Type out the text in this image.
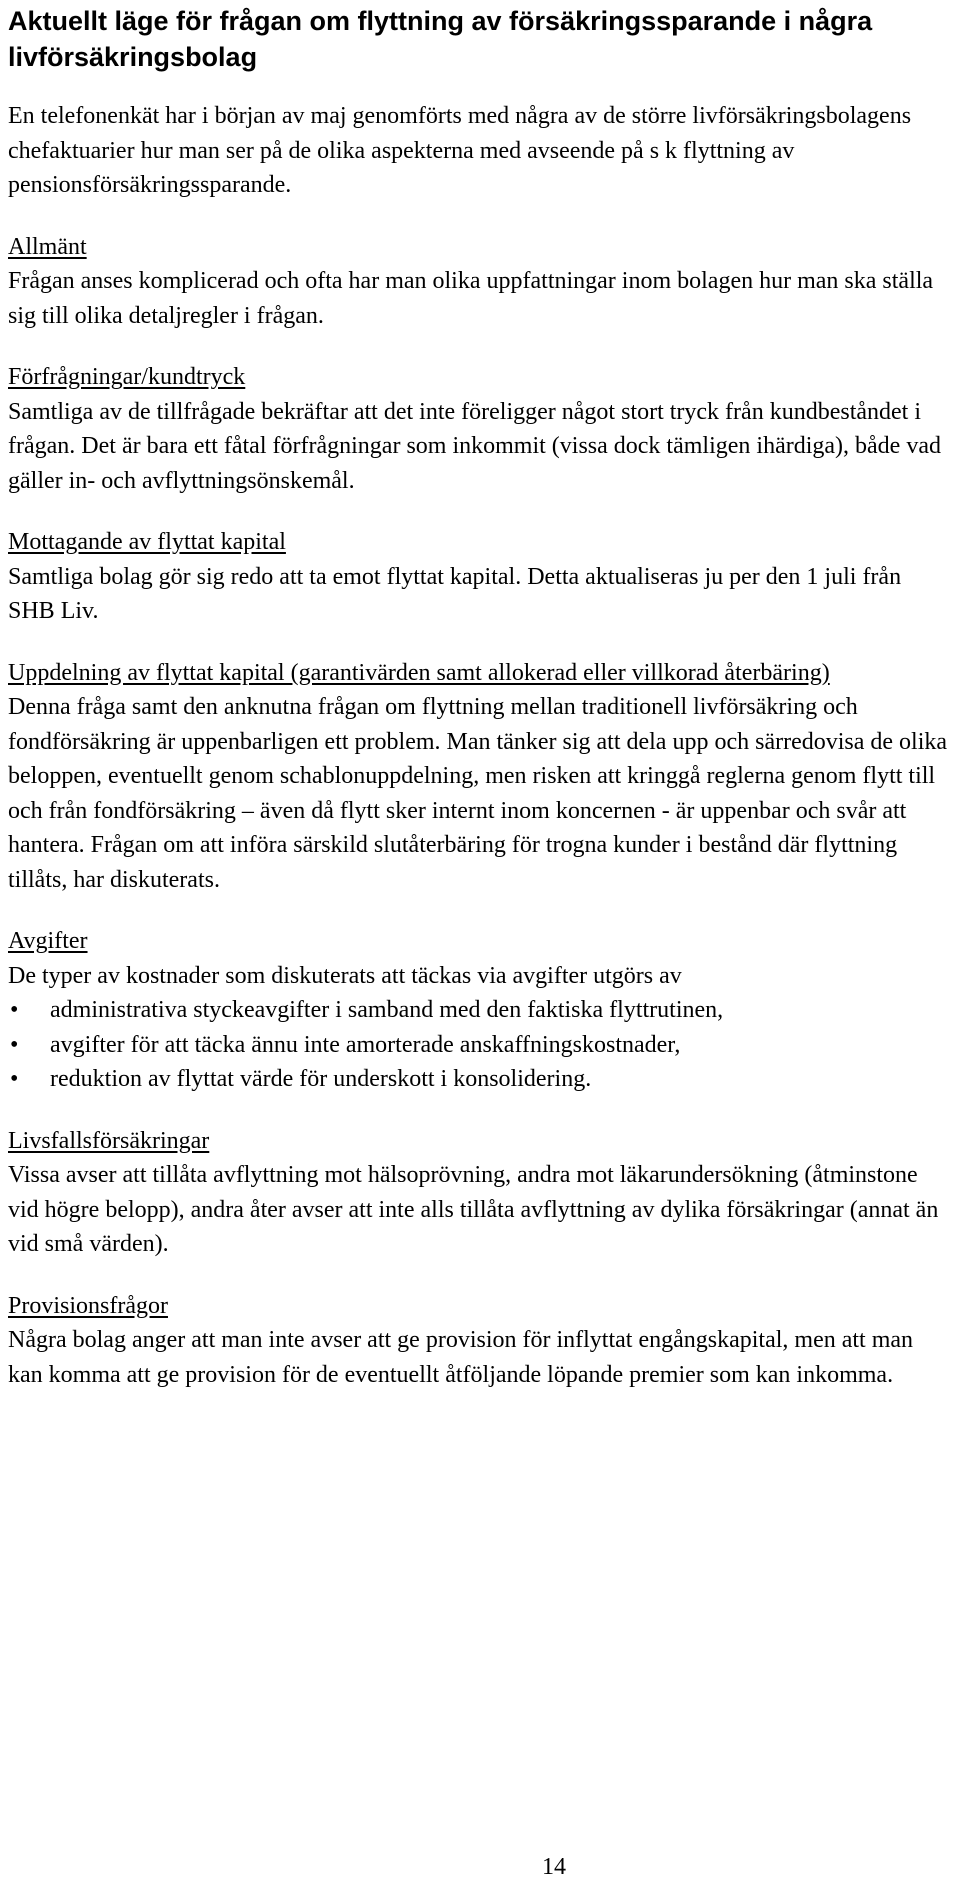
Aktuellt läge för frågan om flyttning av försäkringssparande i några livförsäkringsbolag

En telefonenkät har i början av maj genomförts med några av de större livförsäkringsbolagens chefaktuarier hur man ser på de olika aspekterna med avseende på s k flyttning av pensionsförsäkringssparande.

Allmänt

Frågan anses komplicerad och ofta har man olika uppfattningar inom bolagen hur man ska ställa sig till olika detaljregler i frågan.

Förfrågningar/kundtryck

Samtliga av de tillfrågade bekräftar att det inte föreligger något stort tryck från kundbeståndet i frågan. Det är bara ett fåtal förfrågningar som inkommit (vissa dock tämligen ihärdiga), både vad gäller in- och avflyttningsönskemål.

Mottagande av flyttat kapital

Samtliga bolag gör sig redo att ta emot flyttat kapital. Detta aktualiseras ju per den 1 juli från SHB Liv.

Uppdelning av flyttat kapital (garantivärden samt allokerad eller villkorad återbäring)

Denna fråga samt den anknutna frågan om flyttning mellan traditionell livförsäkring och fondförsäkring är uppenbarligen ett problem. Man tänker sig att dela upp och särredovisa de olika beloppen, eventuellt genom schablonuppdelning, men risken att kringgå reglerna genom flytt till och från fondförsäkring – även då flytt sker internt inom koncernen - är uppenbar och svår att hantera. Frågan om att införa särskild slutåterbäring för trogna kunder i bestånd där flyttning tillåts, har diskuterats.

Avgifter

De typer av kostnader som diskuterats att täckas via avgifter utgörs av

• administrativa styckeavgifter i samband med den faktiska flyttrutinen,
• avgifter för att täcka ännu inte amorterade anskaffningskostnader,
• reduktion av flyttat värde för underskott i konsolidering.

Livsfallsförsäkringar

Vissa avser att tillåta avflyttning mot hälsoprövning, andra mot läkarundersökning (åtminstone vid högre belopp), andra åter avser att inte alls tillåta avflyttning av dylika försäkringar (annat än vid små värden).

Provisionsfrågor

Några bolag anger att man inte avser att ge provision för inflyttat engångskapital, men att man kan komma att ge provision för de eventuellt åtföljande löpande premier som kan inkomma.

14
